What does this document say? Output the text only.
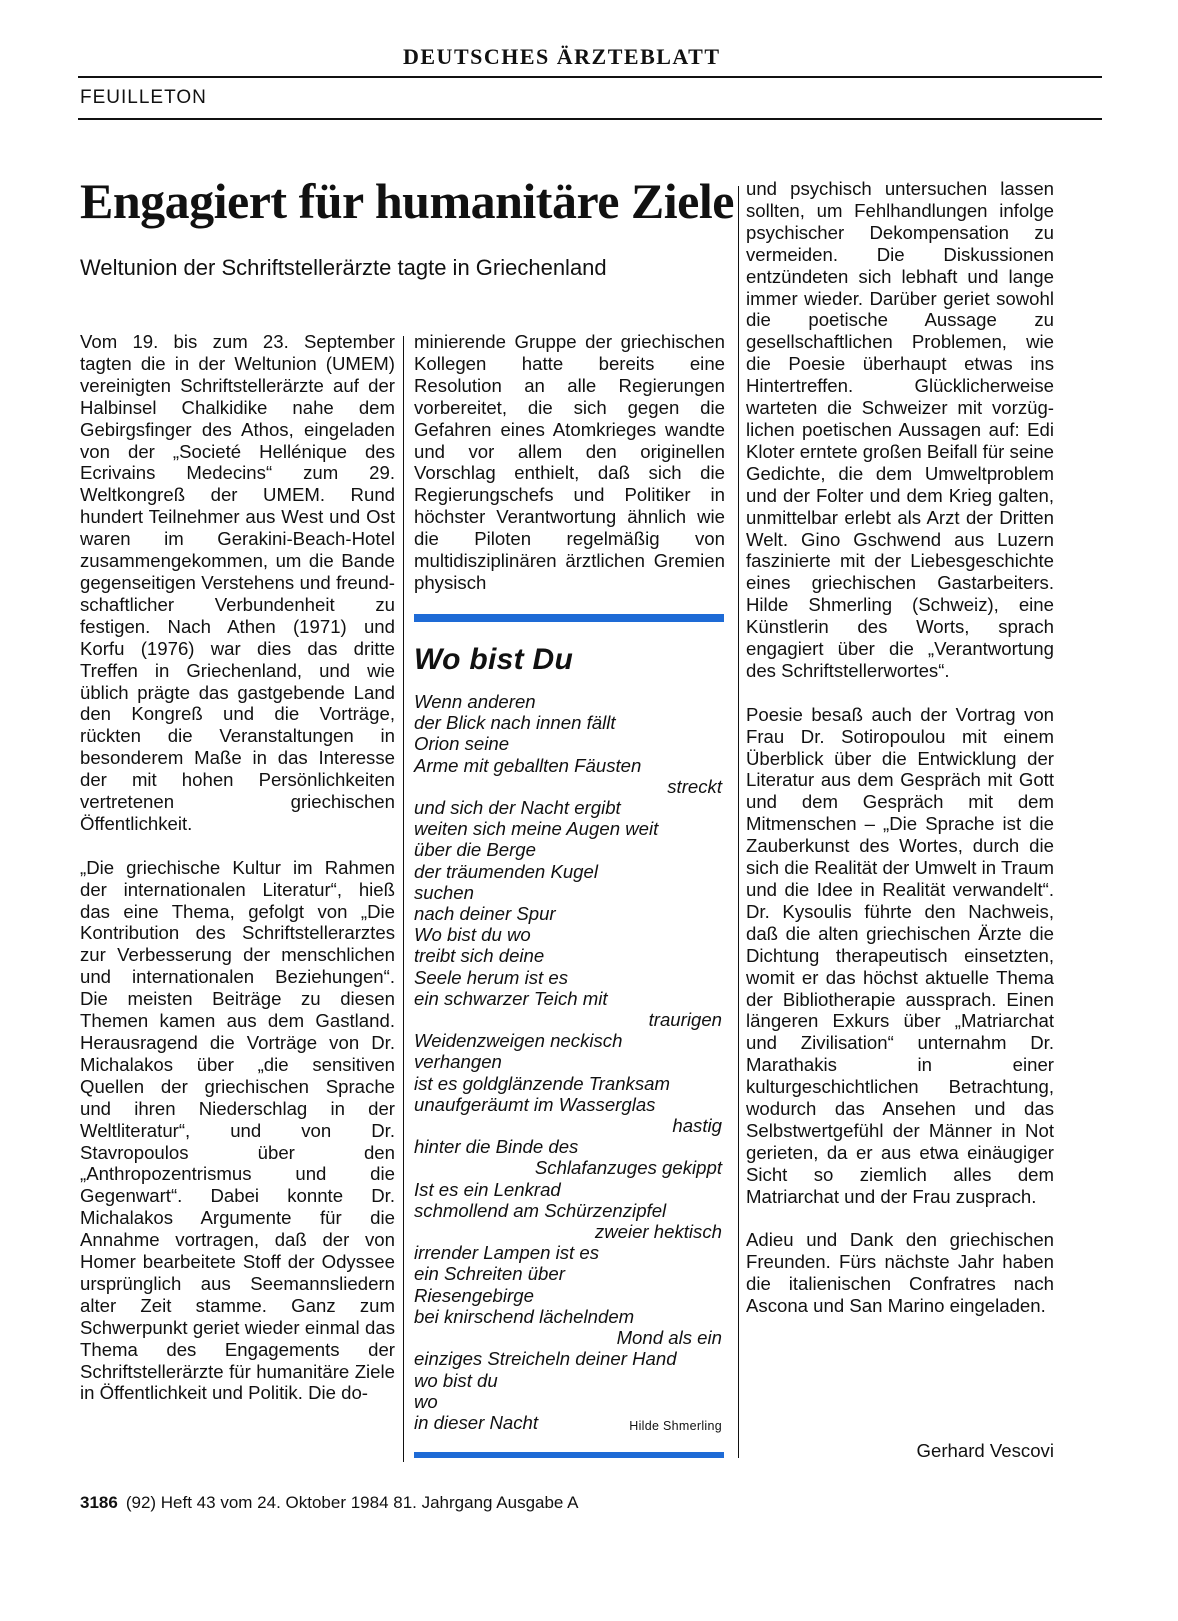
DEUTSCHES ÄRZTEBLATT
FEUILLETON
Engagiert für humanitäre Ziele
Weltunion der Schriftstellerärzte tagte in Griechenland

Vom 19. bis zum 23. September tagten die in der Weltunion (UMEM) vereinigten Schriftstellerärzte auf der Halbinsel Chalkidike nahe dem Gebirgsfinger des Athos, eingeladen von der „Societé Hellénique des Ecrivains Medecins“ zum 29. Weltkongreß der UMEM. Rund hundert Teilnehmer aus West und Ost waren im Gerakini-Beach-Hotel zusammengekommen, um die Bande gegenseitigen Verstehens und freundschaftlicher Verbundenheit zu festigen. Nach Athen (1971) und Korfu (1976) war dies das dritte Treffen in Griechenland, und wie üblich prägte das gastgebende Land den Kongreß und die Vorträge, rückten die Veranstaltungen in besonderem Maße in das Interesse der mit hohen Persönlichkeiten vertretenen griechischen Öffentlichkeit.

„Die griechische Kultur im Rahmen der internationalen Literatur“, hieß das eine Thema, gefolgt von „Die Kontribution des Schriftstellerarztes zur Verbesserung der menschlichen und internationalen Beziehungen“. Die meisten Beiträge zu diesen Themen kamen aus dem Gastland. Herausragend die Vorträge von Dr. Michalakos über „die sensitiven Quellen der griechischen Sprache und ihren Niederschlag in der Weltliteratur“, und von Dr. Stavropoulos über den „Anthropozentrismus und die Gegenwart“. Dabei konnte Dr. Michalakos Argumente für die Annahme vortragen, daß der von Homer bearbeitete Stoff der Odyssee ursprünglich aus Seemannsliedern alter Zeit stamme. Ganz zum Schwerpunkt geriet wieder einmal das Thema des Engagements der Schriftstellerärzte für humanitäre Ziele in Öffentlichkeit und Politik. Die do-

minierende Gruppe der griechischen Kollegen hatte bereits eine Resolution an alle Regierungen vorbereitet, die sich gegen die Gefahren eines Atomkrieges wandte und vor allem den originellen Vorschlag enthielt, daß sich die Regierungschefs und Politiker in höchster Verantwortung ähnlich wie die Piloten regelmäßig von multidisziplinären ärztlichen Gremien physisch

Wo bist Du
Wenn anderen
der Blick nach innen fällt
Orion seine
Arme mit geballten Fäusten
streckt
und sich der Nacht ergibt
weiten sich meine Augen weit
über die Berge
der träumenden Kugel
suchen
nach deiner Spur
Wo bist du wo
treibt sich deine
Seele herum ist es
ein schwarzer Teich mit
traurigen
Weidenzweigen neckisch
verhangen
ist es goldglänzende Tranksam
unaufgeräumt im Wasserglas
hastig
hinter die Binde des
Schlafanzuges gekippt
Ist es ein Lenkrad
schmollend am Schürzenzipfel
zweier hektisch
irrender Lampen ist es
ein Schreiten über
Riesengebirge
bei knirschend lächelndem
Mond als ein
einziges Streicheln deiner Hand
wo bist du
wo
in dieser Nacht	Hilde Shmerling

und psychisch untersuchen lassen sollten, um Fehlhandlungen infolge psychischer Dekompensation zu vermeiden. Die Diskussionen entzündeten sich lebhaft und lange immer wieder. Darüber geriet sowohl die poetische Aussage zu gesellschaftlichen Problemen, wie die Poesie überhaupt etwas ins Hintertreffen. Glücklicherweise warteten die Schweizer mit vorzüglichen poetischen Aussagen auf: Edi Kloter erntete großen Beifall für seine Gedichte, die dem Umweltproblem und der Folter und dem Krieg galten, unmittelbar erlebt als Arzt der Dritten Welt. Gino Gschwend aus Luzern faszinierte mit der Liebesgeschichte eines griechischen Gastarbeiters. Hilde Shmerling (Schweiz), eine Künstlerin des Worts, sprach engagiert über die „Verantwortung des Schriftstellerwortes“.

Poesie besaß auch der Vortrag von Frau Dr. Sotiropoulou mit einem Überblick über die Entwicklung der Literatur aus dem Gespräch mit Gott und dem Gespräch mit dem Mitmenschen – „Die Sprache ist die Zauberkunst des Wortes, durch die sich die Realität der Umwelt in Traum und die Idee in Realität verwandelt“. Dr. Kysoulis führte den Nachweis, daß die alten griechischen Ärzte die Dichtung therapeutisch einsetzten, womit er das höchst aktuelle Thema der Bibliotherapie aussprach. Einen längeren Exkurs über „Matriarchat und Zivilisation“ unternahm Dr. Marathakis in einer kulturgeschichtlichen Betrachtung, wodurch das Ansehen und das Selbstwertgefühl der Männer in Not gerieten, da er aus etwa einäugiger Sicht so ziemlich alles dem Matriarchat und der Frau zusprach.

Adieu und Dank den griechischen Freunden. Fürs nächste Jahr haben die italienischen Confratres nach Ascona und San Marino eingeladen.

Gerhard Vescovi
3186 (92) Heft 43 vom 24. Oktober 1984 81. Jahrgang Ausgabe A
